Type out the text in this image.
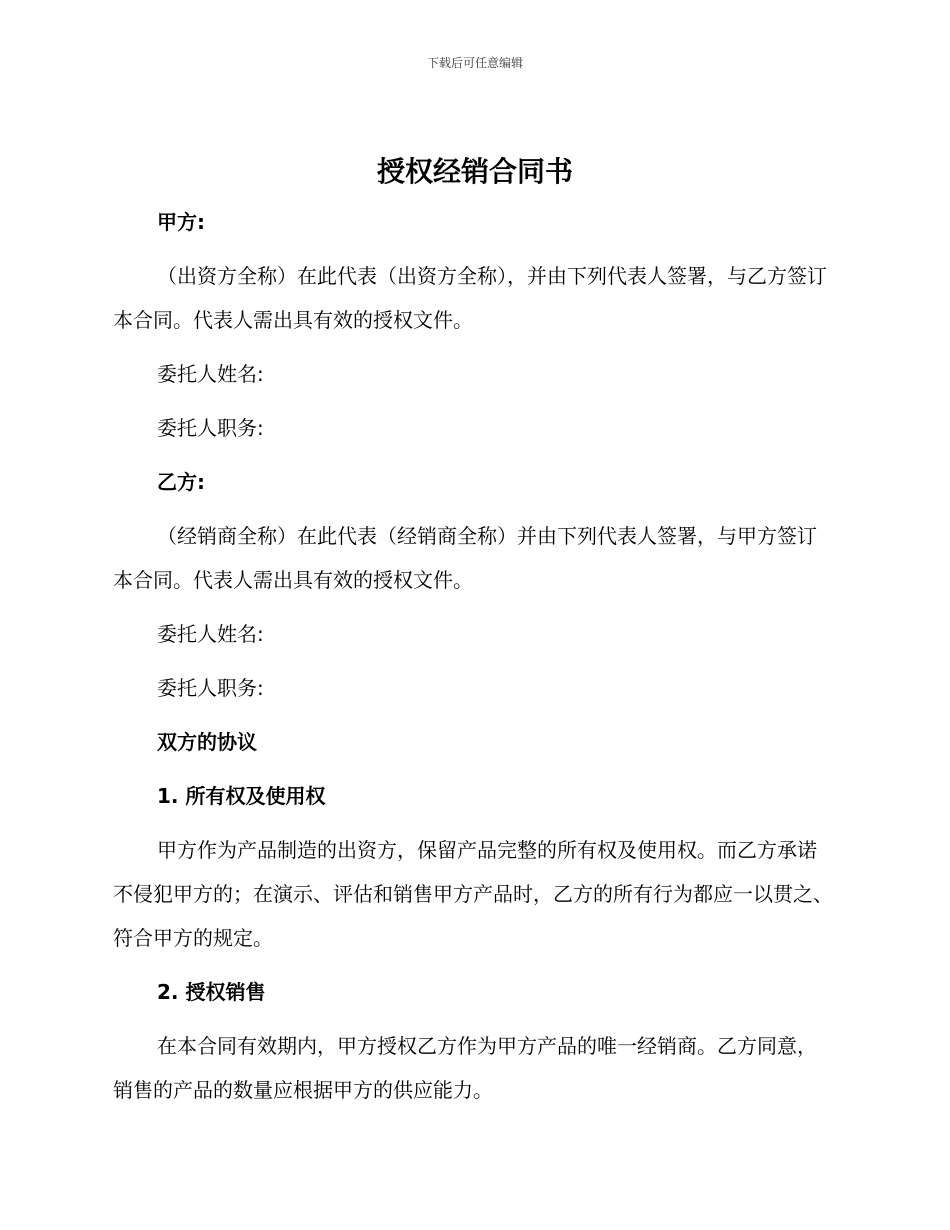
下载后可任意编辑
授权经销合同书

甲方:

（出资方全称）在此代表（出资方全称），并由下列代表人签署，与乙方签订本合同。代表人需出具有效的授权文件。

委托人姓名:

委托人职务:

乙方:

（经销商全称）在此代表（经销商全称）并由下列代表人签署，与甲方签订本合同。代表人需出具有效的授权文件。

委托人姓名:

委托人职务:

双方的协议

1. 所有权及使用权

甲方作为产品制造的出资方，保留产品完整的所有权及使用权。而乙方承诺不侵犯甲方的；在演示、评估和销售甲方产品时，乙方的所有行为都应一以贯之、符合甲方的规定。

2. 授权销售

在本合同有效期内，甲方授权乙方作为甲方产品的唯一经销商。乙方同意，销售的产品的数量应根据甲方的供应能力。
